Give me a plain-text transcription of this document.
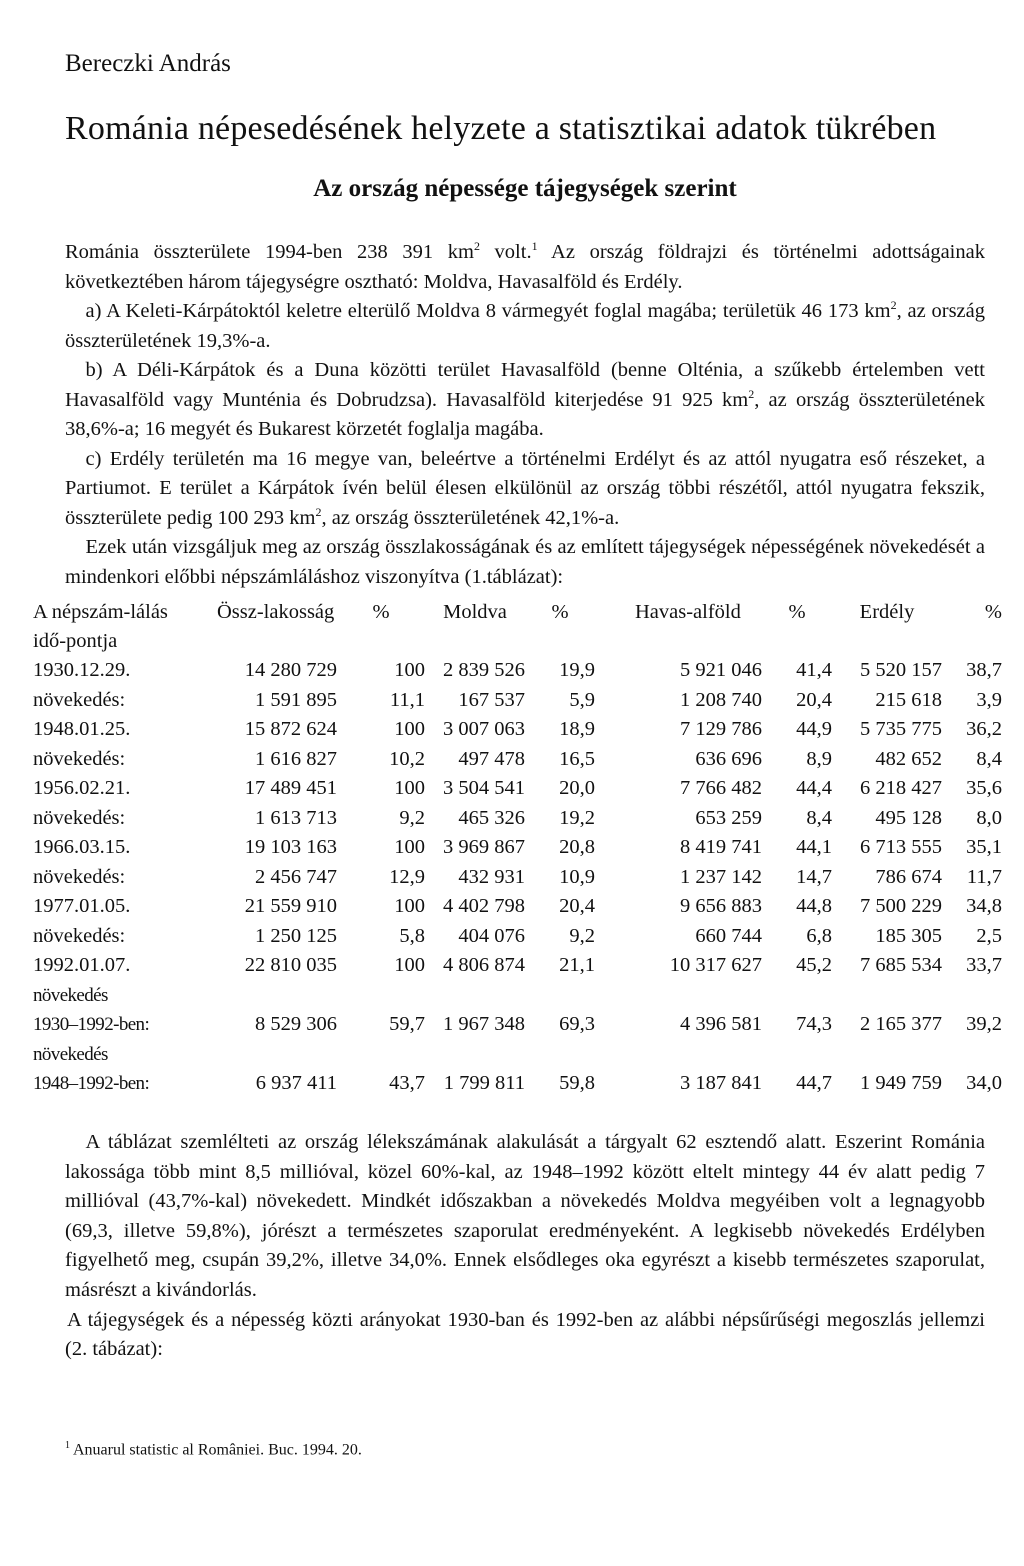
Bereczki András
Románia népesedésének helyzete a statisztikai adatok tükrében
Az ország népessége tájegységek szerint

Románia összterülete 1994-ben 238 391 $km^2$ volt.$^1$ Az ország földrajzi és történelmi adottságainak következtében három tájegységre osztható: Moldva, Havasalföld és Erdély.

a) A Keleti-Kárpátoktól keletre elterülő Moldva 8 vármegyét foglal magába; területük 46 173 $km^2$, az ország összterületének 19,3%-a.

b) A Déli-Kárpátok és a Duna közötti terület Havasalföld (benne Olténia, a szűkebb értelemben vett Havasalföld vagy Munténia és Dobrudzsa). Havasalföld kiterjedése 91 925 $km^2$, az ország összterületének 38,6%-a; 16 megyét és Bukarest körzetét foglalja magába.

c) Erdély területén ma 16 megye van, beleértve a történelmi Erdélyt és az attól nyugatra eső részeket, a Partiumot. E terület a Kárpátok ívén belül élesen elkülönül az ország többi részétől, attól nyugatra fekszik, összterülete pedig 100 293 $km^2$, az ország összterületének 42,1%-a.

Ezek után vizsgáljuk meg az ország összlakosságának és az említett tájegységek népességének növekedését a mindenkori előbbi népszámláláshoz viszonyítva (1.táblázat):

A népszám-lálás idő-pontja	Össz-lakosság	%	Moldva	%	Havas-alföld	%	Erdély	%
1930.12.29.	14 280 729	100	2 839 526	19,9	5 921 046	41,4	5 520 157	38,7
növekedés:	1 591 895	11,1	167 537	5,9	1 208 740	20,4	215 618	3,9
1948.01.25.	15 872 624	100	3 007 063	18,9	7 129 786	44,9	5 735 775	36,2
növekedés:	1 616 827	10,2	497 478	16,5	636 696	8,9	482 652	8,4
1956.02.21.	17 489 451	100	3 504 541	20,0	7 766 482	44,4	6 218 427	35,6
növekedés:	1 613 713	9,2	465 326	19,2	653 259	8,4	495 128	8,0
1966.03.15.	19 103 163	100	3 969 867	20,8	8 419 741	44,1	6 713 555	35,1
növekedés:	2 456 747	12,9	432 931	10,9	1 237 142	14,7	786 674	11,7
1977.01.05.	21 559 910	100	4 402 798	20,4	9 656 883	44,8	7 500 229	34,8
növekedés:	1 250 125	5,8	404 076	9,2	660 744	6,8	185 305	2,5
1992.01.07.	22 810 035	100	4 806 874	21,1	10 317 627	45,2	7 685 534	33,7
növekedés								
1930–1992-ben:	8 529 306	59,7	1 967 348	69,3	4 396 581	74,3	2 165 377	39,2
növekedés								
1948–1992-ben:	6 937 411	43,7	1 799 811	59,8	3 187 841	44,7	1 949 759	34,0

A táblázat szemlélteti az ország lélekszámának alakulását a tárgyalt 62 esztendő alatt. Eszerint Románia lakossága több mint 8,5 millióval, közel 60%-kal, az 1948–1992 között eltelt mintegy 44 év alatt pedig 7 millióval (43,7%-kal) növekedett. Mindkét időszakban a növekedés Moldva megyéiben volt a legnagyobb (69,3, illetve 59,8%), jórészt a természetes szaporulat eredményeként. A legkisebb növekedés Erdélyben figyelhető meg, csupán 39,2%, illetve 34,0%. Ennek elsődleges oka egyrészt a kisebb természetes szaporulat, másrészt a kivándorlás.

A tájegységek és a népesség közti arányokat 1930-ban és 1992-ben az alábbi népsűrűségi megoszlás jellemzi (2. tábázat):

$^1$ Anuarul statistic al României. Buc. 1994. 20.
